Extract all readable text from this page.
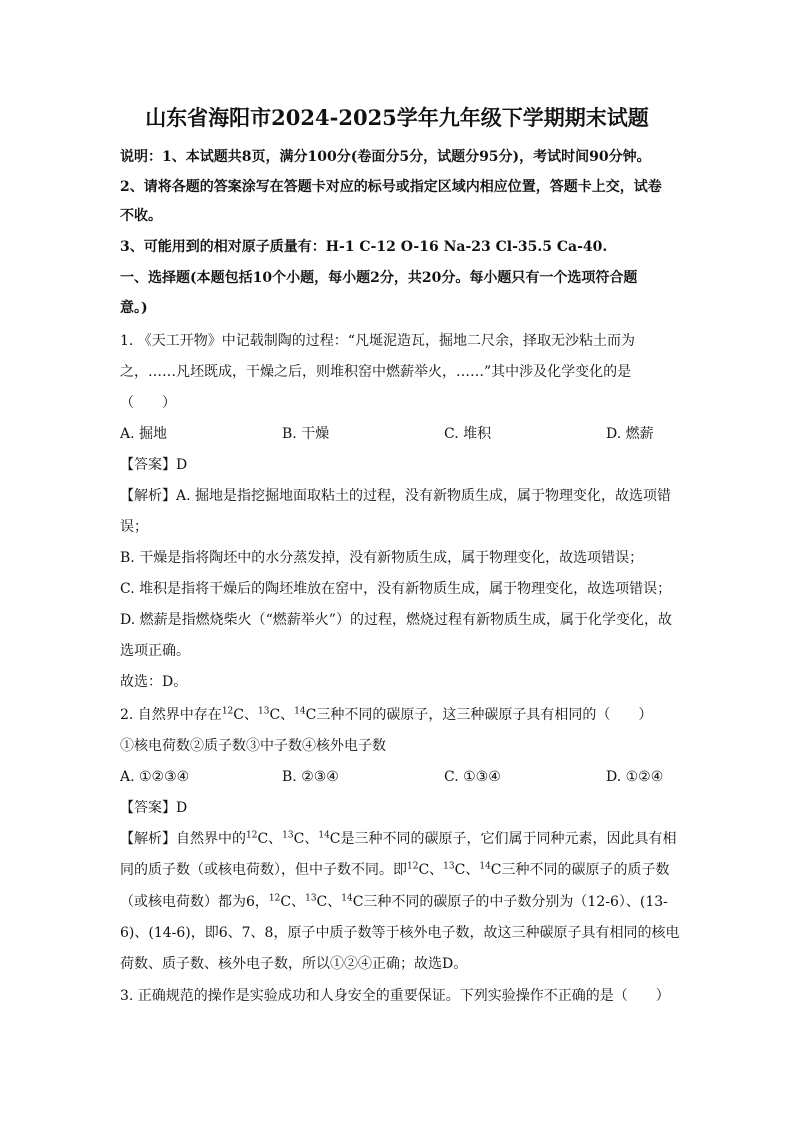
山东省海阳市2024-2025学年九年级下学期期末试题
说明：1、本试题共8页，满分100分(卷面分5分，试题分95分)，考试时间90分钟。
2、请将各题的答案涂写在答题卡对应的标号或指定区域内相应位置，答题卡上交，试卷
不收。
3、可能用到的相对原子质量有：H-1 C-12 O-16 Na-23 Cl-35.5 Ca-40.
一、选择题(本题包括10个小题，每小题2分，共20分。每小题只有一个选项符合题
意。)
1. 《天工开物》中记载制陶的过程：“凡埏泥造瓦，掘地二尺余，择取无沙粘土而为
之，……凡坯既成，干燥之后，则堆积窑中燃薪举火，……”其中涉及化学变化的是
（　　）
A. 掘地	B. 干燥	C. 堆积	D. 燃薪
【答案】D
【解析】A. 掘地是指挖掘地面取粘土的过程，没有新物质生成，属于物理变化，故选项错
误；
B. 干燥是指将陶坯中的水分蒸发掉，没有新物质生成，属于物理变化，故选项错误；
C. 堆积是指将干燥后的陶坯堆放在窑中，没有新物质生成，属于物理变化，故选项错误；
D. 燃薪是指燃烧柴火（“燃薪举火”）的过程，燃烧过程有新物质生成，属于化学变化，故
选项正确。
故选：D。
2. 自然界中存在$^{12}$C、$^{13}$C、$^{14}$C三种不同的碳原子，这三种碳原子具有相同的（　　）
①核电荷数②质子数③中子数④核外电子数
A. ①②③④	B. ②③④	C. ①③④	D. ①②④
【答案】D
【解析】自然界中的$^{12}$C、$^{13}$C、$^{14}$C是三种不同的碳原子，它们属于同种元素，因此具有相
同的质子数（或核电荷数），但中子数不同。即$^{12}$C、$^{13}$C、$^{14}$C三种不同的碳原子的质子数
（或核电荷数）都为6，$^{12}$C、$^{13}$C、$^{14}$C三种不同的碳原子的中子数分别为（12-6）、(13-
6)、(14-6)，即6、7、8，原子中质子数等于核外电子数，故这三种碳原子具有相同的核电
荷数、质子数、核外电子数，所以①②④正确；故选D。
3. 正确规范的操作是实验成功和人身安全的重要保证。下列实验操作不正确的是（　　）
